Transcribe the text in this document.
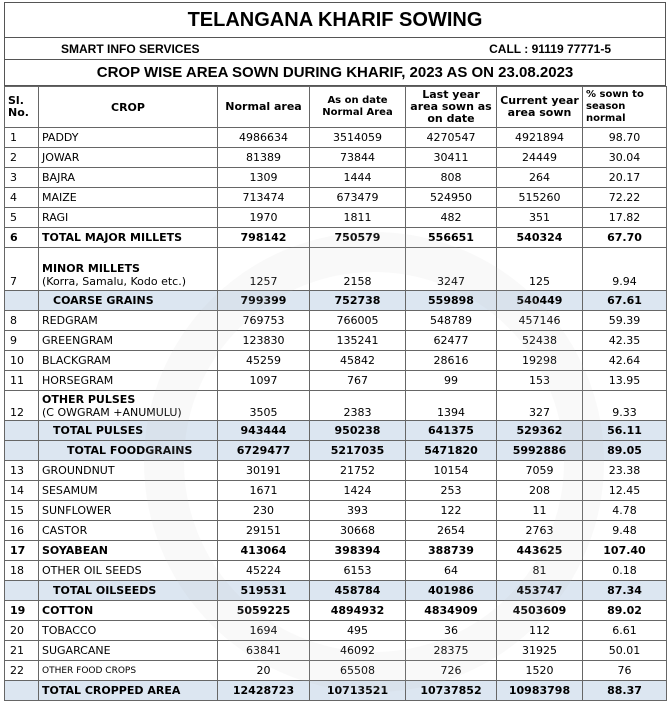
TELANGANA KHARIF SOWING
SMART INFO SERVICES	CALL : 91119 77771-5
CROP WISE AREA SOWN DURING KHARIF, 2023 AS ON 23.08.2023
Sl. No.	CROP	Normal area	As on date Normal Area	Last year area sown as on date	Current year area sown	% sown to season normal
1	PADDY	4986634	3514059	4270547	4921894	98.70
2	JOWAR	81389	73844	30411	24449	30.04
3	BAJRA	1309	1444	808	264	20.17
4	MAIZE	713474	673479	524950	515260	72.22
5	RAGI	1970	1811	482	351	17.82
6	TOTAL MAJOR MILLETS	798142	750579	556651	540324	67.70
7	MINOR MILLETS
(Korra, Samalu, Kodo etc.)	1257	2158	3247	125	9.94
	COARSE GRAINS	799399	752738	559898	540449	67.61
8	REDGRAM	769753	766005	548789	457146	59.39
9	GREENGRAM	123830	135241	62477	52438	42.35
10	BLACKGRAM	45259	45842	28616	19298	42.64
11	HORSEGRAM	1097	767	99	153	13.95
12	OTHER PULSES
(C OWGRAM +ANUMULU)	3505	2383	1394	327	9.33
	TOTAL PULSES	943444	950238	641375	529362	56.11
	TOTAL FOODGRAINS	6729477	5217035	5471820	5992886	89.05
13	GROUNDNUT	30191	21752	10154	7059	23.38
14	SESAMUM	1671	1424	253	208	12.45
15	SUNFLOWER	230	393	122	11	4.78
16	CASTOR	29151	30668	2654	2763	9.48
17	SOYABEAN	413064	398394	388739	443625	107.40
18	OTHER OIL SEEDS	45224	6153	64	81	0.18
	TOTAL OILSEEDS	519531	458784	401986	453747	87.34
19	COTTON	5059225	4894932	4834909	4503609	89.02
20	TOBACCO	1694	495	36	112	6.61
21	SUGARCANE	63841	46092	28375	31925	50.01
22	OTHER FOOD CROPS	20	65508	726	1520	76
	TOTAL CROPPED AREA	12428723	10713521	10737852	10983798	88.37
